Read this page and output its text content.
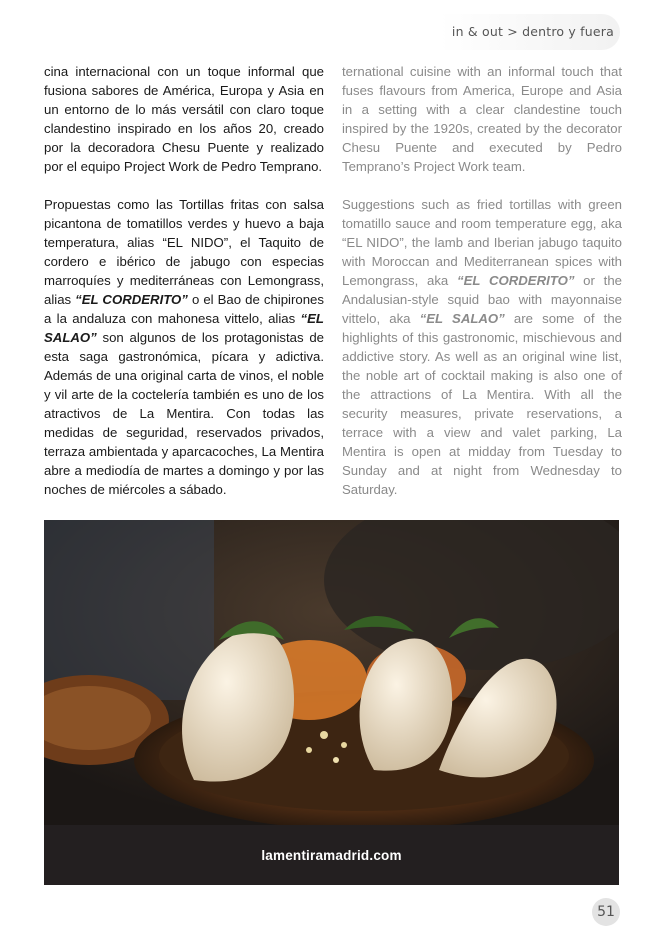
in & out > dentro y fuera

cina internacional con un toque informal que fusiona sabores de América, Europa y Asia en un entorno de lo más versátil con claro toque clandestino inspirado en los años 20, creado por la decoradora Chesu Puente y realizado por el equipo Project Work de Pedro Temprano.

Propuestas como las Tortillas fritas con salsa picantona de tomatillos verdes y huevo a baja temperatura, alias “EL NIDO”, el Taquito de cordero e ibérico de jabugo con especias marroquíes y mediterráneas con Lemongrass, alias “EL CORDERITO” o el Bao de chipirones a la andaluza con mahonesa vittelo, alias “EL SALAO” son algunos de los protagonistas de esta saga gastronómica, pícara y adictiva. Además de una original carta de vinos, el noble y vil arte de la coctelería también es uno de los atractivos de La Mentira. Con todas las medidas de seguridad, reservados privados, terraza ambientada y aparcacoches, La Mentira abre a mediodía de martes a domingo y por las noches de miércoles a sábado.

ternational cuisine with an informal touch that fuses flavours from America, Europe and Asia in a setting with a clear clandestine touch inspired by the 1920s, created by the decorator Chesu Puente and executed by Pedro Temprano’s Project Work team.

Suggestions such as fried tortillas with green tomatillo sauce and room temperature egg, aka “EL NIDO”, the lamb and Iberian jabugo taquito with Moroccan and Mediterranean spices with Lemongrass, aka “EL CORDERITO” or the Andalusian-style squid bao with mayonnaise vittelo, aka “EL SALAO” are some of the highlights of this gastronomic, mischievous and addictive story. As well as an original wine list, the noble art of cocktail making is also one of the attractions of La Mentira. With all the security measures, private reservations, a terrace with a view and valet parking, La Mentira is open at midday from Tuesday to Sunday and at night from Wednesday to Saturday.

lamentiramadrid.com
51
